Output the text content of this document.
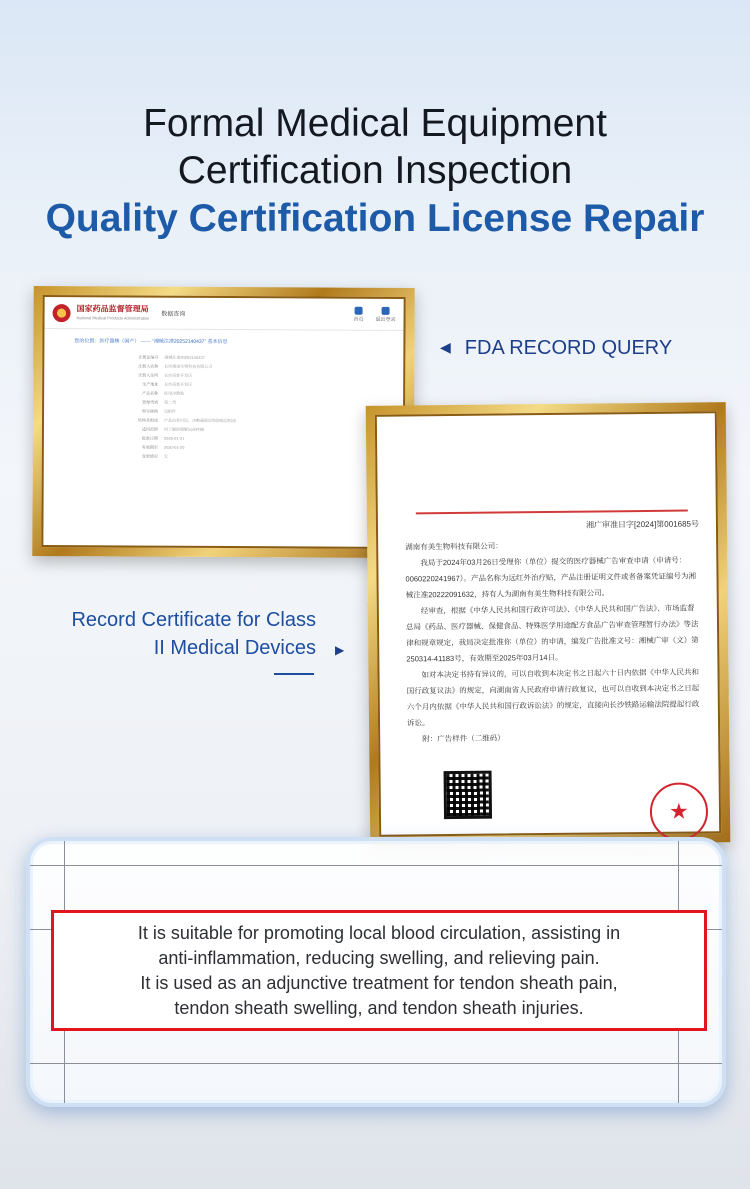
Formal Medical Equipment
Certification Inspection
Quality Certification License Repair
国家药品监督管理局
National Medical Products Administration 数据查询
首页 退出登录
您的位置：医疗器械（国产） —— “湘械注准20252140437” 基本信息
注册证编号	湘械注准20252140437
注册人名称	长沙湘诺生物科技有限公司
注册人住所	长沙高新开发区
生产地址	长沙高新开发区
产品名称	医用冷敷贴
管理类别	第二类
型号规格	见附件
结构及组成	产品由背衬层、冷敷凝胶层和防粘层组成
适用范围	用于辅助缓解局部疼痛
批准日期	2025-01-21
有效期至	2030-01-20
变更情况	无
◀ FDA RECORD QUERY
湘广审准日字[2024]第001685号
湖南有美生物科技有限公司：
我局于2024年03月26日受理你（单位）提交的医疗器械广告审查申请（申请号：0060220241967）。产品名称为远红外治疗贴，产品注册证明文件或者备案凭证编号为湘械注准20222091632，持有人为湖南有美生物科技有限公司。
经审查，根据《中华人民共和国行政许可法》、《中华人民共和国广告法》、市场监督总局《药品、医疗器械、保健食品、特殊医学用途配方食品广告审查管理暂行办法》等法律和规章规定，我局决定批准你（单位）的申请，编发广告批准文号：湘械广审（文）第250314-41183号，有效期至2025年03月14日。
如对本决定书持有异议的，可以自收到本决定书之日起六十日内依据《中华人民共和国行政复议法》的规定，向湖南省人民政府申请行政复议，也可以自收到本决定书之日起六个月内依据《中华人民共和国行政诉讼法》的规定，直接向长沙铁路运输法院提起行政诉讼。
附：广告样件（二维码）
★
Record Certificate for Class
II Medical Devices ▶
It is suitable for promoting local blood circulation, assisting in
anti-inflammation, reducing swelling, and relieving pain.
It is used as an adjunctive treatment for tendon sheath pain,
tendon sheath swelling, and tendon sheath injuries.
